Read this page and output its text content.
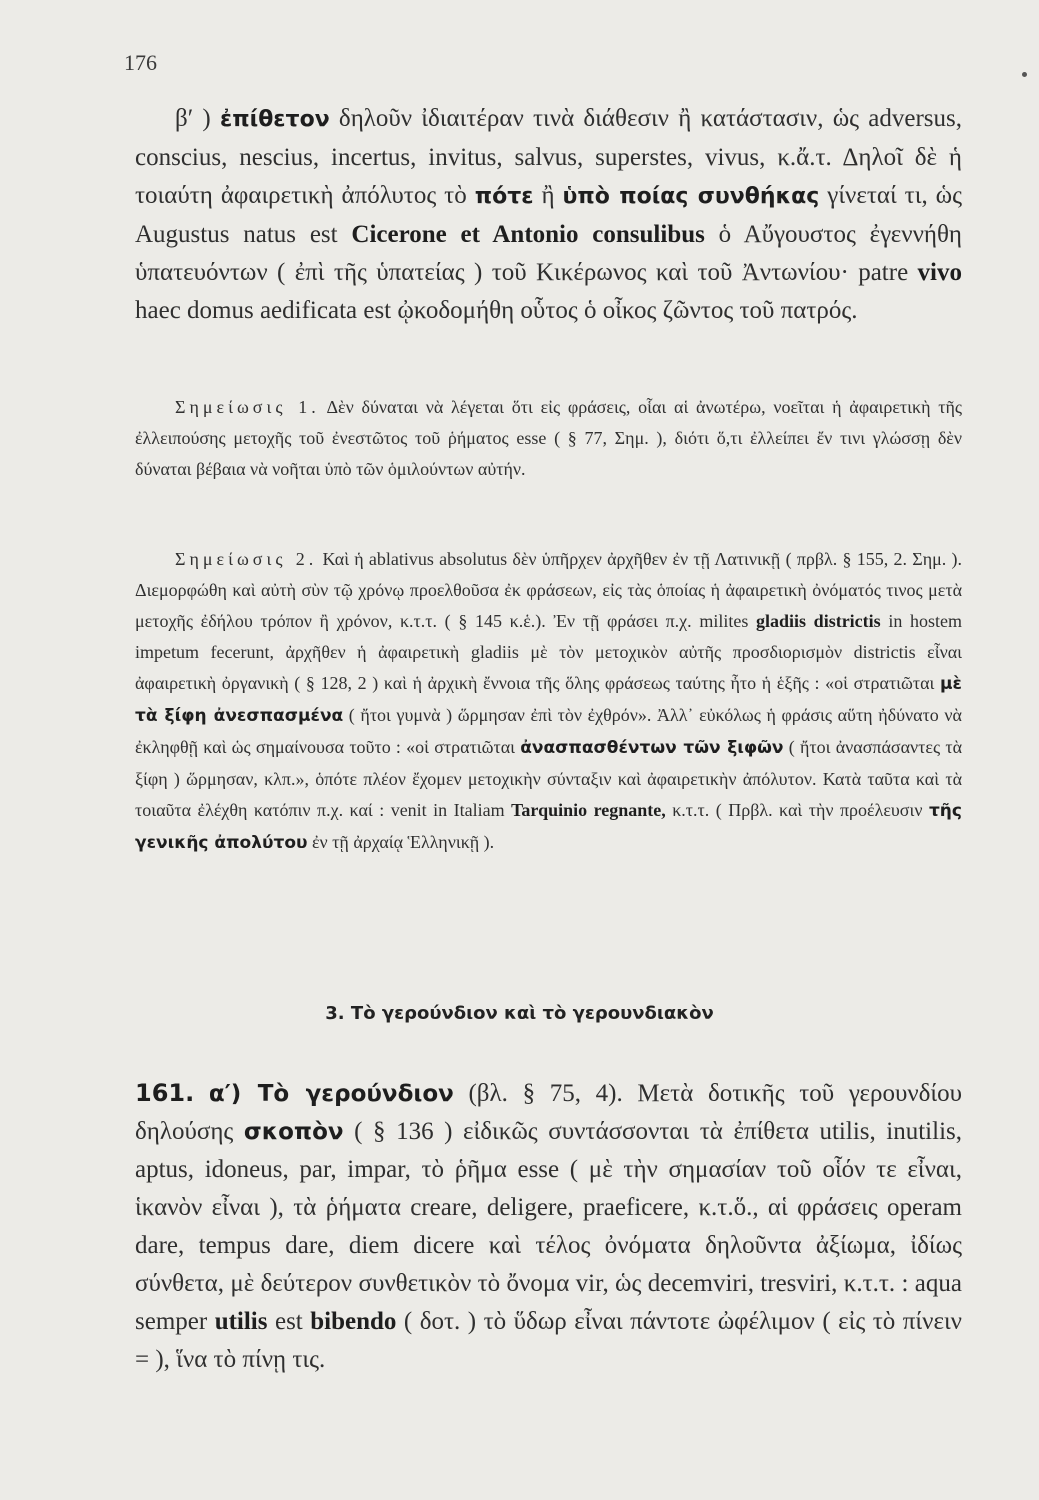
176

β′ ) ἐπίθετον δηλοῦν ἰδιαιτέραν τινὰ διάθεσιν ἢ κατάστασιν, ὡς adversus, conscius, nescius, incertus, invitus, salvus, superstes, vivus, κ.ἄ.τ. Δηλοῖ δὲ ἡ τοιαύτη ἀφαιρετικὴ ἀπόλυτος τὸ πότε ἢ ὑπὸ ποίας συνθήκας γίνεταί τι, ὡς Augustus natus est Cicerone et Antonio consulibus ὁ Αὔγουστος ἐγεννήθη ὑπατευόντων ( ἐπὶ τῆς ὑπατείας ) τοῦ Κικέρωνος καὶ τοῦ Ἀντωνίου· patre vivo haec domus aedificata est ᾠκοδομήθη οὗτος ὁ οἶκος ζῶντος τοῦ πατρός.

Σημείωσις 1. Δὲν δύναται νὰ λέγεται ὅτι εἰς φράσεις, οἷαι αἱ ἀνωτέρω, νοεῖται ἡ ἀφαιρετικὴ τῆς ἐλλειπούσης μετοχῆς τοῦ ἐνεστῶτος τοῦ ῥήματος esse ( § 77, Σημ. ), διότι ὅ,τι ἐλλείπει ἔν τινι γλώσσῃ δὲν δύναται βέβαια νὰ νοῆται ὑπὸ τῶν ὁμιλούντων αὐτήν.

Σημείωσις 2. Καὶ ἡ ablativus absolutus δὲν ὑπῆρχεν ἀρχῆθεν ἐν τῇ Λατινικῇ ( πρβλ. § 155, 2. Σημ. ). Διεμορφώθη καὶ αὐτὴ σὺν τῷ χρόνῳ προελθοῦσα ἐκ φράσεων, εἰς τὰς ὁποίας ἡ ἀφαιρετικὴ ὀνόματός τινος μετὰ μετοχῆς ἐδήλου τρόπον ἢ χρόνον, κ.τ.τ. ( § 145 κ.ἑ.). Ἐν τῇ φράσει π.χ. milites gladiis districtis in hostem impetum fecerunt, ἀρχῆθεν ἡ ἀφαιρετικὴ gladiis μὲ τὸν μετοχικὸν αὐτῆς προσδιορισμὸν districtis εἶναι ἀφαιρετικὴ ὀργανικὴ ( § 128, 2 ) καὶ ἡ ἀρχικὴ ἔννοια τῆς ὅλης φράσεως ταύτης ἦτο ἡ ἑξῆς : «οἱ στρατιῶται μὲ τὰ ξίφη ἀνεσπασμένα ( ἤτοι γυμνὰ ) ὥρμησαν ἐπὶ τὸν ἐχθρόν». Ἀλλ᾽ εὐκόλως ἡ φράσις αὕτη ἠδύνατο νὰ ἐκληφθῇ καὶ ὡς σημαίνουσα τοῦτο : «οἱ στρατιῶται ἀνασπασθέντων τῶν ξιφῶν ( ἤτοι ἀνασπάσαντες τὰ ξίφη ) ὥρμησαν, κλπ.», ὁπότε πλέον ἔχομεν μετοχικὴν σύνταξιν καὶ ἀφαιρετικὴν ἀπόλυτον. Κατὰ ταῦτα καὶ τὰ τοιαῦτα ἐλέχθη κατόπιν π.χ. καί : venit in Italiam Tarquinio regnante, κ.τ.τ. ( Πρβλ. καὶ τὴν προέλευσιν τῆς γενικῆς ἀπολύτου ἐν τῇ ἀρχαίᾳ Ἑλληνικῇ ).

3. Τὸ γερούνδιον καὶ τὸ γερουνδιακὸν

161. α′) Τὸ γερούνδιον (βλ. § 75, 4). Μετὰ δοτικῆς τοῦ γερουνδίου δηλούσης σκοπὸν ( § 136 ) εἰδικῶς συντάσσονται τὰ ἐπίθετα utilis, inutilis, aptus, idoneus, par, impar, τὸ ῥῆμα esse ( μὲ τὴν σημασίαν τοῦ οἷόν τε εἶναι, ἱκανὸν εἶναι ), τὰ ῥήματα creare, deligere, praeficere, κ.τ.ὅ., αἱ φράσεις operam dare, tempus dare, diem dicere καὶ τέλος ὀνόματα δηλοῦντα ἀξίωμα, ἰδίως σύνθετα, μὲ δεύτερον συνθετικὸν τὸ ὄνομα vir, ὡς decemviri, tresviri, κ.τ.τ. : aqua semper utilis est bibendo ( δοτ. ) τὸ ὕδωρ εἶναι πάντοτε ὠφέλιμον ( εἰς τὸ πίνειν = ), ἵνα τὸ πίνῃ τις.
